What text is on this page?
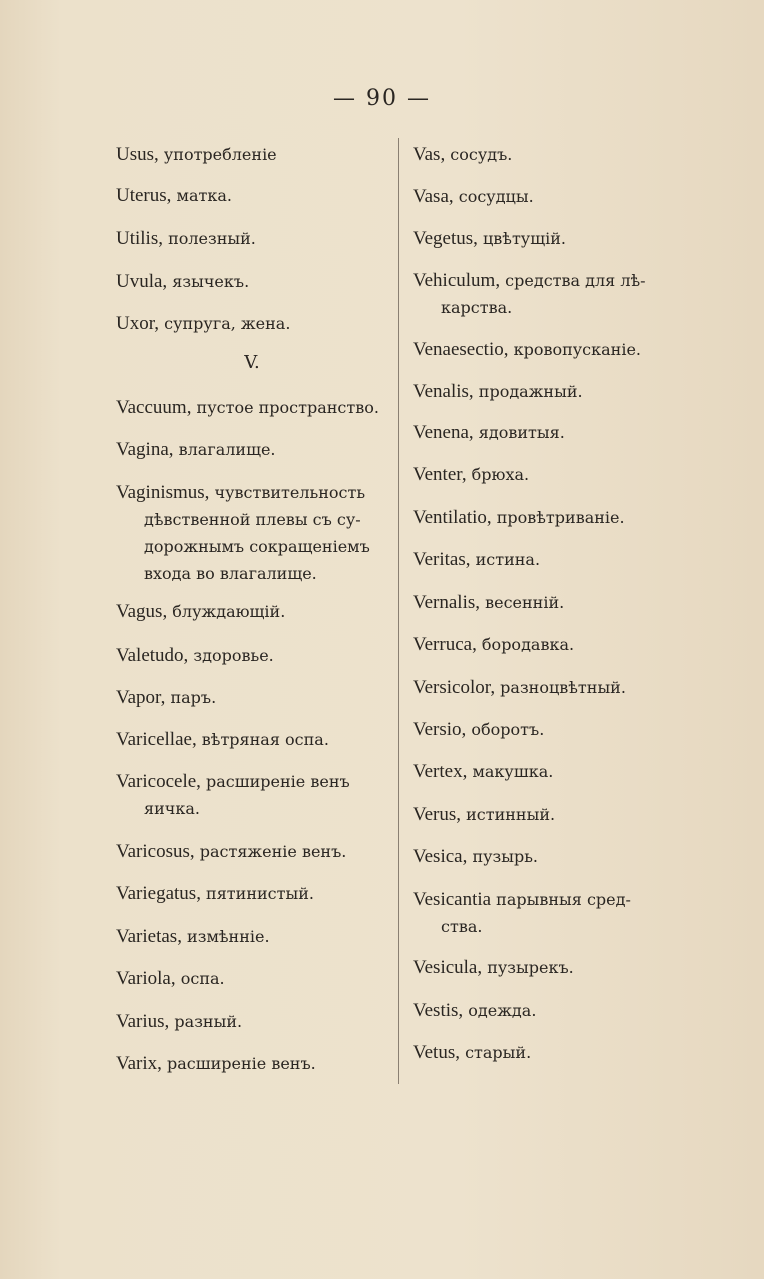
— 90 —
Usus, употребленіе
Uterus, матка.
Utilis, полезный.
Uvula, язычекъ.
Uxor, супруга, жена.
V.
Vaccuum, пустое пространство.
Vagina, влагалище.
Vaginismus, чувствительность
дѣвственной плевы съ су-
дорожнымъ сокращеніемъ
входа во влагалище.
Vagus, блуждающій.
Valetudo, здоровье.
Vapor, паръ.
Varicellae, вѣтряная оспа.
Varicocele, расширеніе венъ
яичка.
Varicosus, растяженіе венъ.
Variegatus, пятинистый.
Varietas, измѣнніе.
Variola, оспа.
Varius, разный.
Varix, расширеніе венъ.
Vas, сосудъ.
Vasa, сосудцы.
Vegetus, цвѣтущій.
Vehiculum, средства для лѣ-
карства.
Venaesectio, кровопусканіе.
Venalis, продажный.
Venena, ядовитыя.
Venter, брюха.
Ventilatio, провѣтриваніе.
Veritas, истина.
Vernalis, весенній.
Verruca, бородавка.
Versicolor, разноцвѣтный.
Versio, оборотъ.
Vertex, макушка.
Verus, истинный.
Vesica, пузырь.
Vesicantia парывныя сред-
ства.
Vesicula, пузырекъ.
Vestis, одежда.
Vetus, старый.
